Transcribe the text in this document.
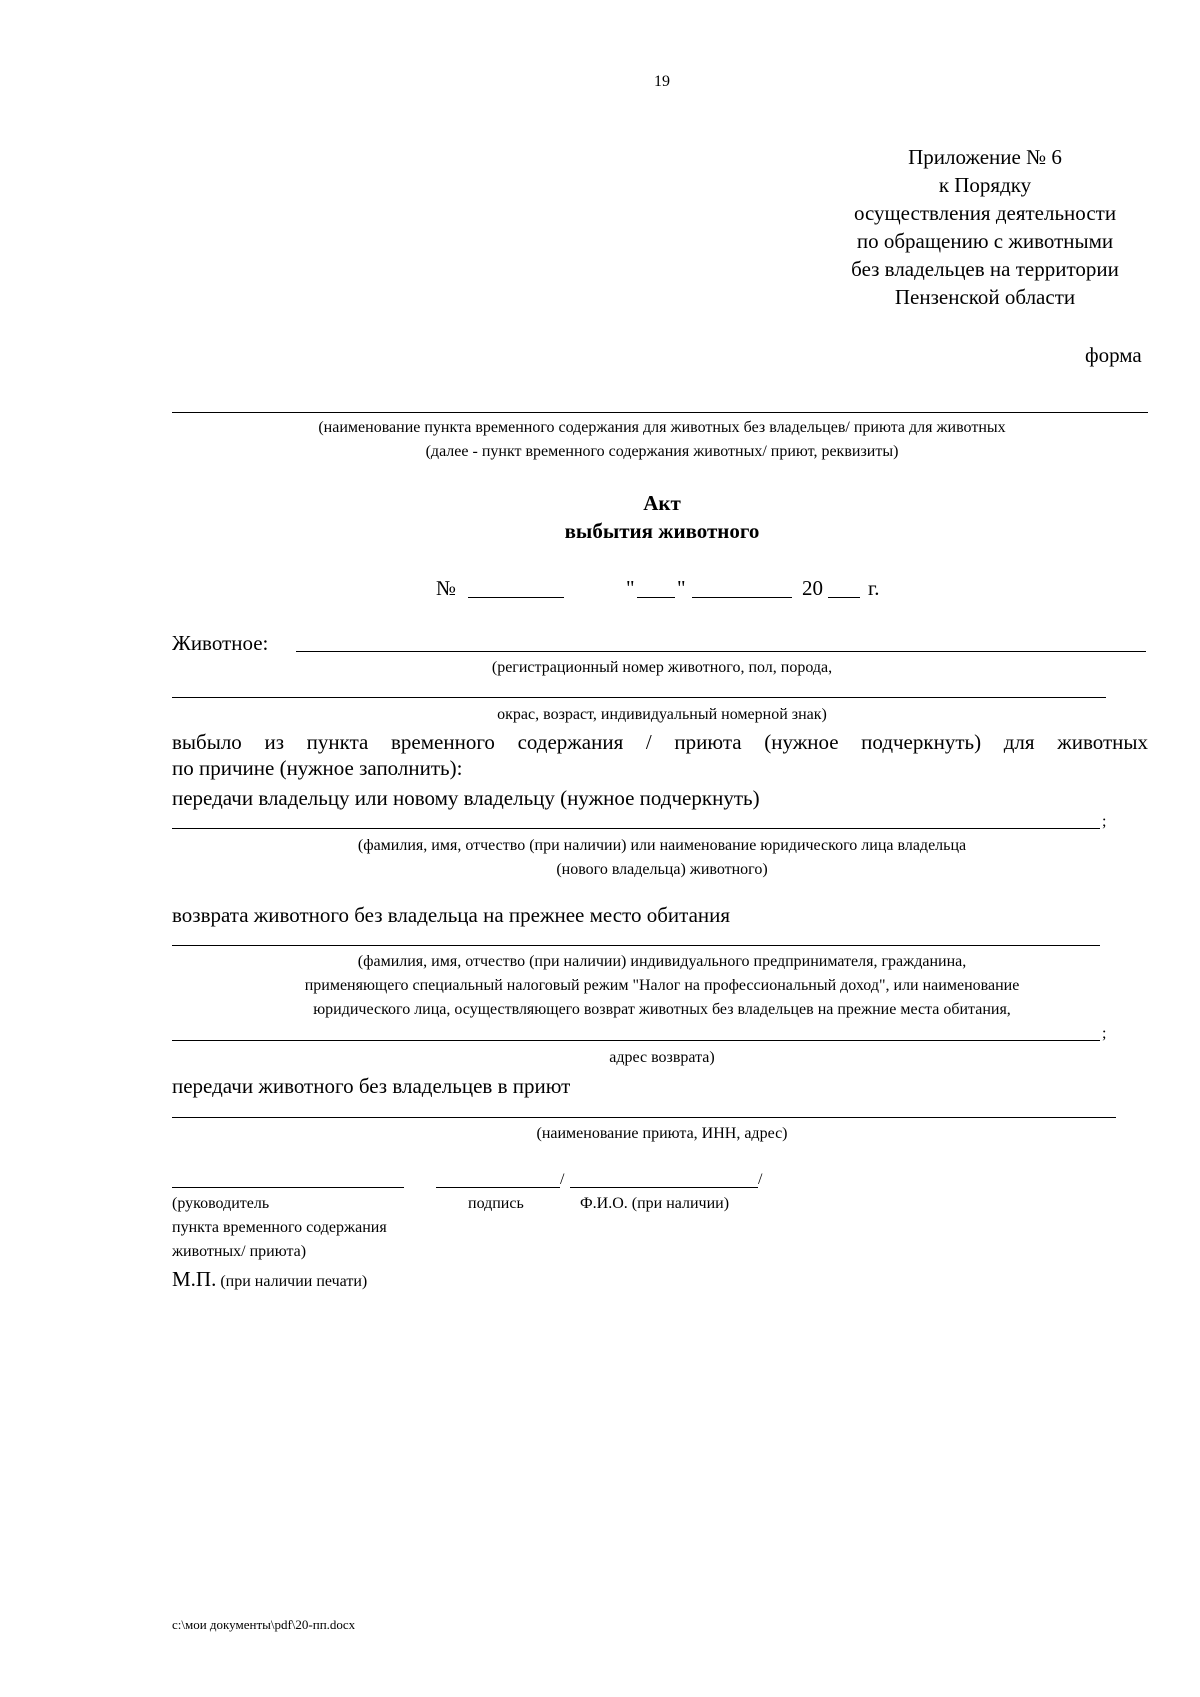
19
Приложение № 6
к Порядку
осуществления деятельности
по обращению с животными
без владельцев на территории
Пензенской области
форма
(наименование пункта временного содержания для животных без владельцев/ приюта для животных
(далее - пункт временного содержания животных/ приют, реквизиты)
Акт
выбытия животного
№	" "	20 г.
Животное:
(регистрационный номер животного, пол, порода,
окрас, возраст, индивидуальный номерной знак)
выбыло из пункта временного содержания / приюта (нужное подчеркнуть) для животных
по причине (нужное заполнить):
передачи владельцу или новому владельцу (нужное подчеркнуть)
;
(фамилия, имя, отчество (при наличии) или наименование юридического лица владельца
(нового владельца) животного)
возврата животного без владельца на прежнее место обитания
(фамилия, имя, отчество (при наличии) индивидуального предпринимателя, гражданина,
применяющего специальный налоговый режим "Налог на профессиональный доход", или наименование
юридического лица, осуществляющего возврат животных без владельцев на прежние места обитания,
;
адрес возврата)
передачи животного без владельцев в приют
(наименование приюта, ИНН, адрес)
/	/
(руководитель
пункта временного содержания
животных/ приюта)
подпись	Ф.И.О. (при наличии)
М.П. (при наличии печати)
c:\мои документы\pdf\20-пп.docx
